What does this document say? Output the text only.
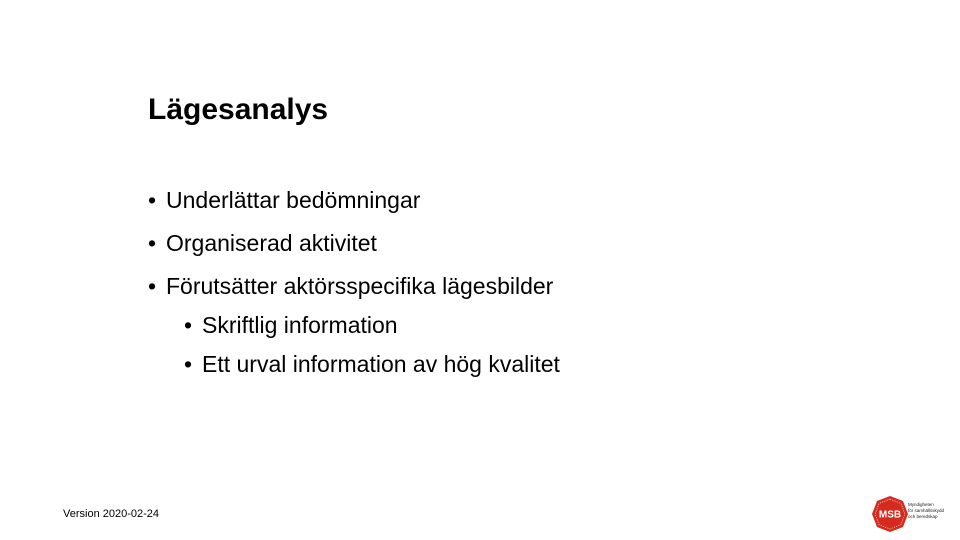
Lägesanalys
• Underlättar bedömningar
• Organiserad aktivitet
• Förutsätter aktörsspecifika lägesbilder
• Skriftlig information
• Ett urval information av hög kvalitet
Version 2020-02-24	MSB
Myndigheten
för samhällsskydd
och beredskap
